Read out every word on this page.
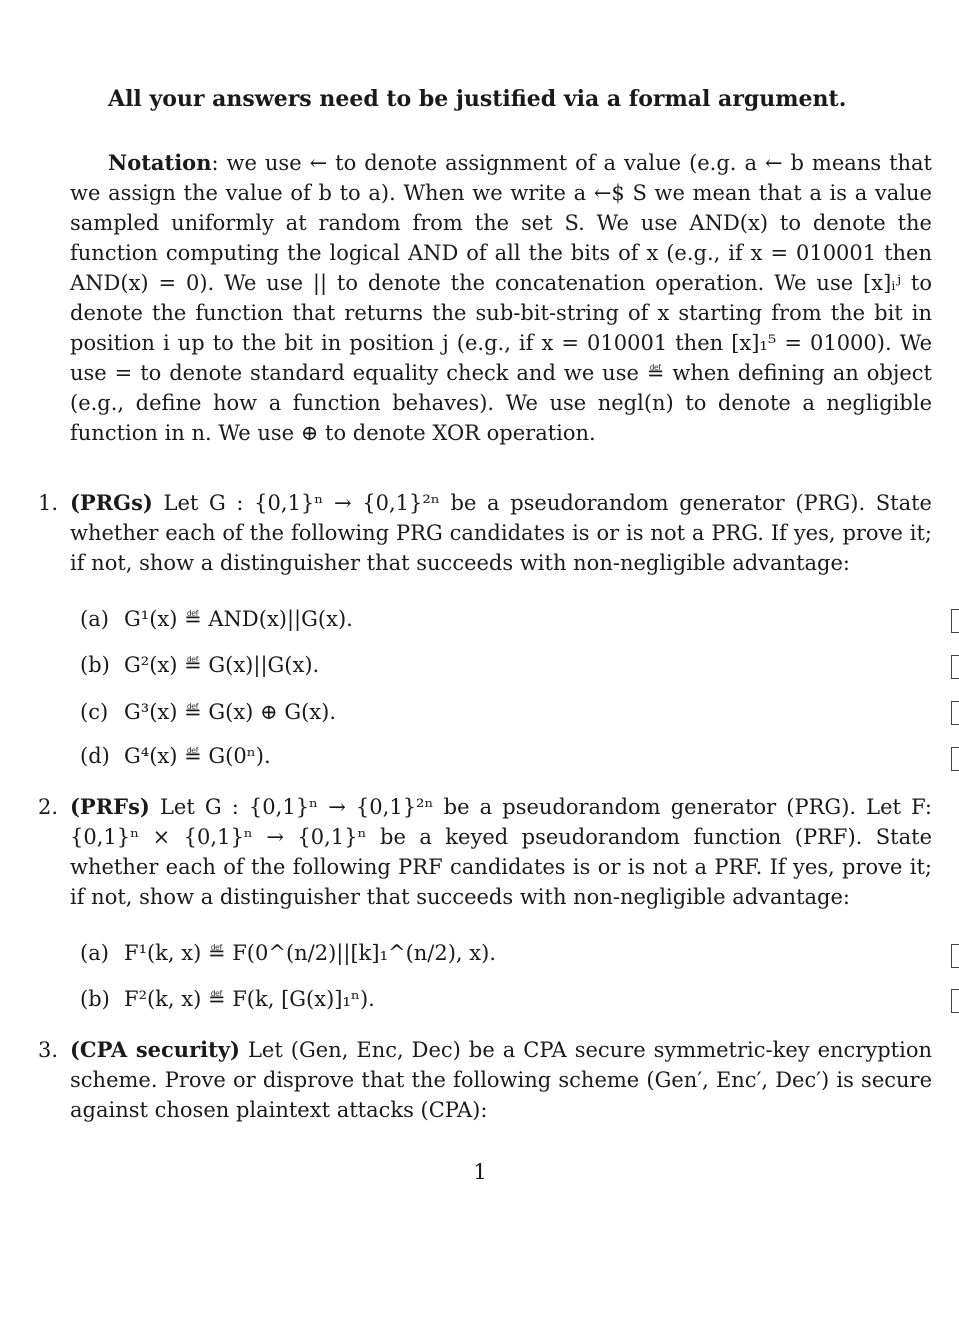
All your answers need to be justified via a formal argument.
Notation: we use ← to denote assignment of a value (e.g. a ← b means that we assign the value of b to a). When we write a ←$ S we mean that a is a value sampled uniformly at random from the set S. We use AND(x) to denote the function computing the logical AND of all the bits of x (e.g., if x = 010001 then AND(x) = 0). We use || to denote the concatenation operation. We use [x]ᵢʲ to denote the function that returns the sub-bit-string of x starting from the bit in position i up to the bit in position j (e.g., if x = 010001 then [x]₁⁵ = 01000). We use = to denote standard equality check and we use ≝ when defining an object (e.g., define how a function behaves). We use negl(n) to denote a negligible function in n. We use ⊕ to denote XOR operation.
1. (PRGs) Let G : {0,1}ⁿ → {0,1}²ⁿ be a pseudorandom generator (PRG). State whether each of the following PRG candidates is or is not a PRG. If yes, prove it; if not, show a distinguisher that succeeds with non-negligible advantage:
(a) G¹(x) ≝ AND(x)||G(x).
(b) G²(x) ≝ G(x)||G(x).
(c) G³(x) ≝ G(x) ⊕ G(x).
(d) G⁴(x) ≝ G(0ⁿ).
2. (PRFs) Let G : {0,1}ⁿ → {0,1}²ⁿ be a pseudorandom generator (PRG). Let F: {0,1}ⁿ × {0,1}ⁿ → {0,1}ⁿ be a keyed pseudorandom function (PRF). State whether each of the following PRF candidates is or is not a PRF. If yes, prove it; if not, show a distinguisher that succeeds with non-negligible advantage:
(a) F¹(k, x) ≝ F(0^(n/2)||[k]₁^(n/2), x).
(b) F²(k, x) ≝ F(k, [G(x)]₁ⁿ).
3. (CPA security) Let (Gen, Enc, Dec) be a CPA secure symmetric-key encryption scheme. Prove or disprove that the following scheme (Gen′, Enc′, Dec′) is secure against chosen plaintext attacks (CPA):
1
